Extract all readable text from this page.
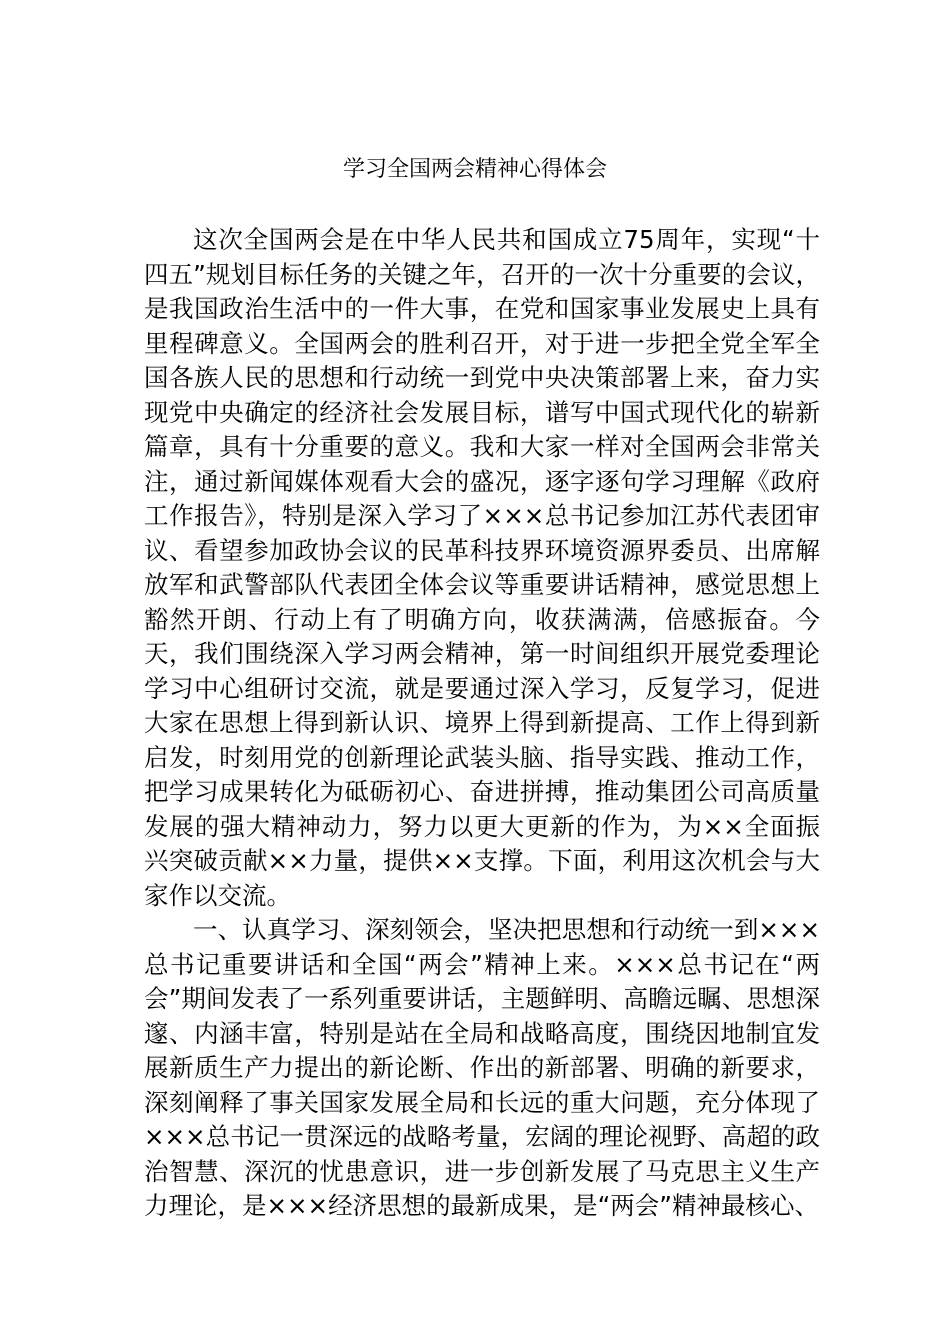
学习全国两会精神心得体会

这次全国两会是在中华人民共和国成立75周年，实现“十四五”规划目标任务的关键之年，召开的一次十分重要的会议，是我国政治生活中的一件大事，在党和国家事业发展史上具有里程碑意义。全国两会的胜利召开，对于进一步把全党全军全国各族人民的思想和行动统一到党中央决策部署上来，奋力实现党中央确定的经济社会发展目标，谱写中国式现代化的崭新篇章，具有十分重要的意义。我和大家一样对全国两会非常关注，通过新闻媒体观看大会的盛况，逐字逐句学习理解《政府工作报告》，特别是深入学习了×××总书记参加江苏代表团审议、看望参加政协会议的民革科技界环境资源界委员、出席解放军和武警部队代表团全体会议等重要讲话精神，感觉思想上豁然开朗、行动上有了明确方向，收获满满，倍感振奋。今天，我们围绕深入学习两会精神，第一时间组织开展党委理论学习中心组研讨交流，就是要通过深入学习，反复学习，促进大家在思想上得到新认识、境界上得到新提高、工作上得到新启发，时刻用党的创新理论武装头脑、指导实践、推动工作，把学习成果转化为砥砺初心、奋进拼搏，推动集团公司高质量发展的强大精神动力，努力以更大更新的作为，为××全面振兴突破贡献××力量，提供××支撑。下面，利用这次机会与大家作以交流。

一、认真学习、深刻领会，坚决把思想和行动统一到×××总书记重要讲话和全国“两会”精神上来。×××总书记在“两会”期间发表了一系列重要讲话，主题鲜明、高瞻远瞩、思想深邃、内涵丰富，特别是站在全局和战略高度，围绕因地制宜发展新质生产力提出的新论断、作出的新部署、明确的新要求，深刻阐释了事关国家发展全局和长远的重大问题，充分体现了×××总书记一贯深远的战略考量，宏阔的理论视野、高超的政治智慧、深沉的忧患意识，进一步创新发展了马克思主义生产力理论，是×××经济思想的最新成果，是“两会”精神最核心、
